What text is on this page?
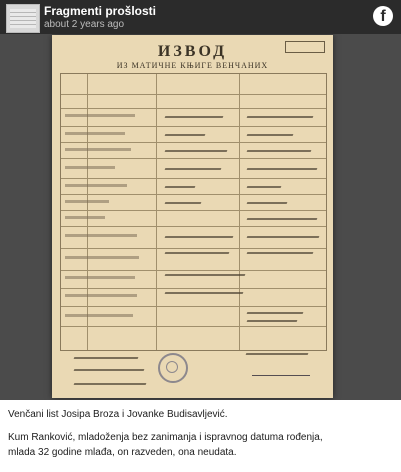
Fragmenti prošlosti
about 2 years ago	f
ИЗВОД
ИЗ МАТИЧНЕ КЊИГЕ ВЕНЧАНИХ
Venčani list Josipa Broza i Jovanke Budisavljević.
Kum Ranković, mladoženja bez zanimanja i ispravnog datuma rođenja,
mlada 32 godine mlađa, on razveden, ona neudata.
